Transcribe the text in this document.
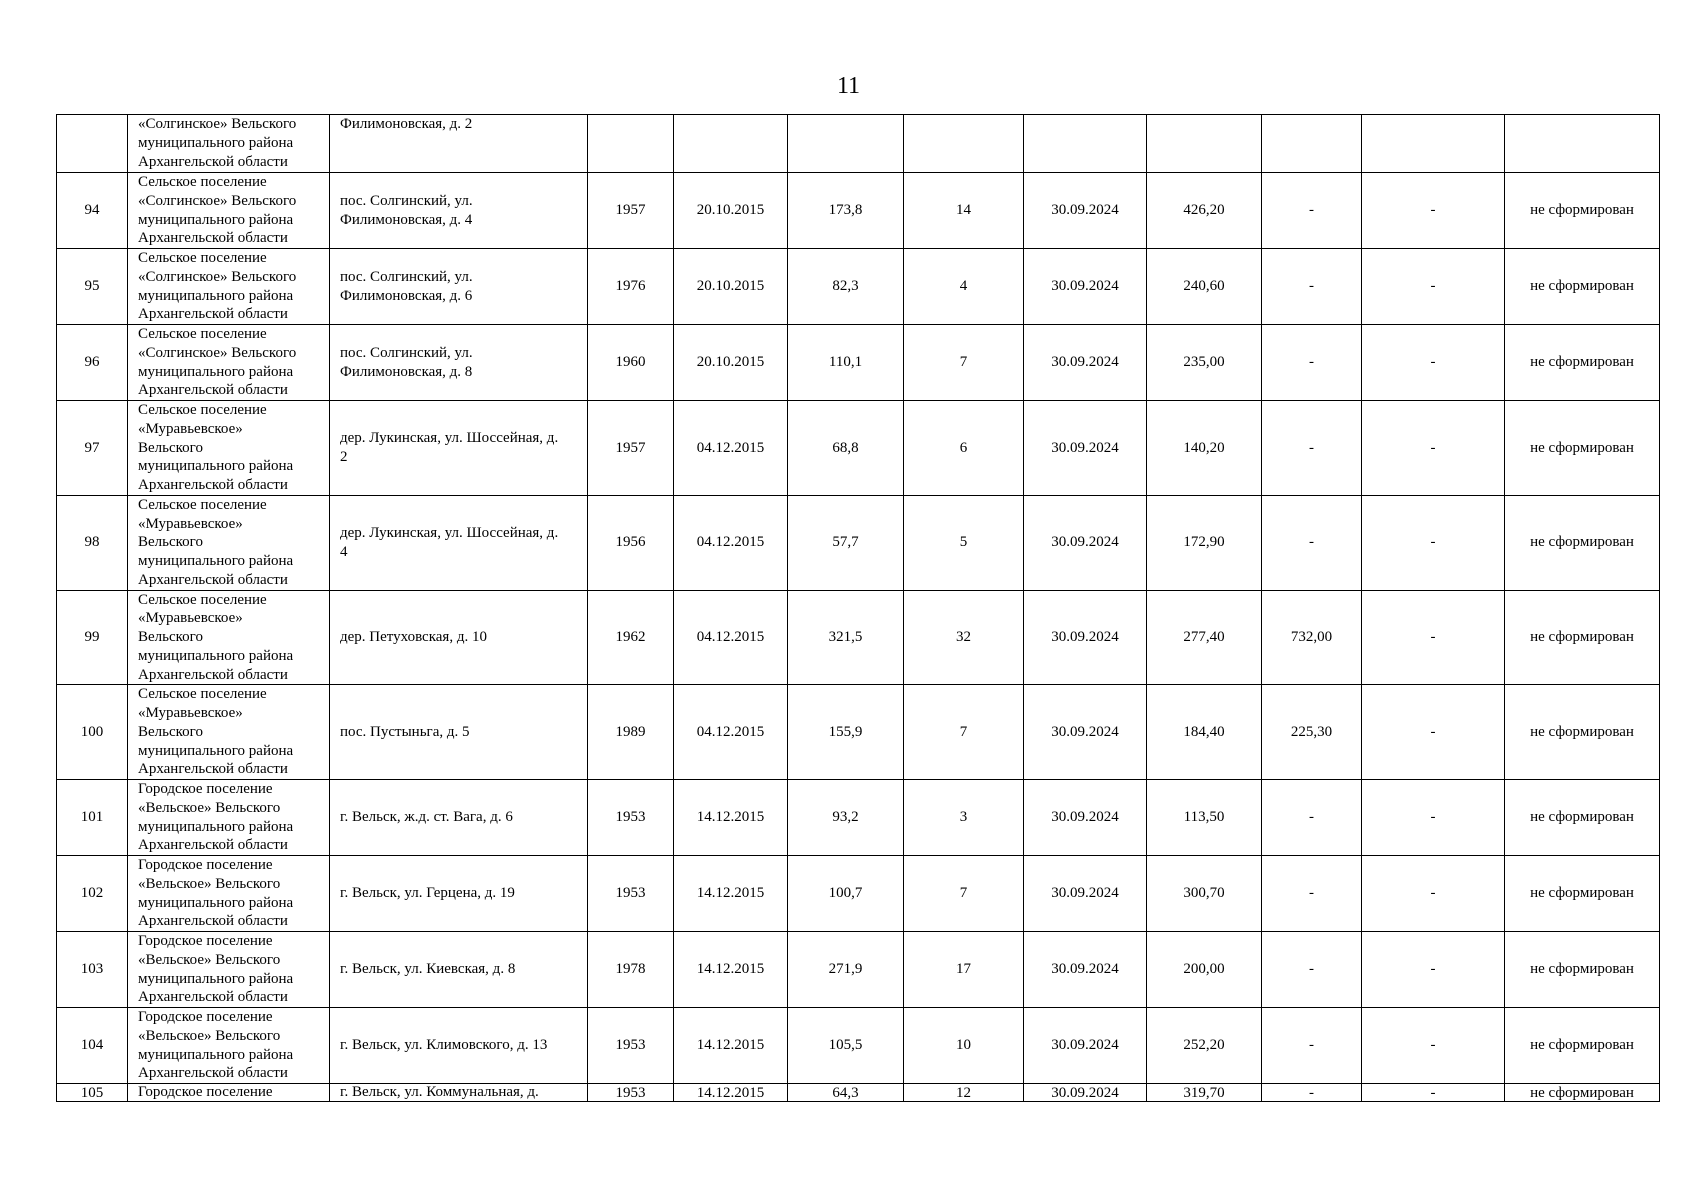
11
	«Солгинское» Вельского
муниципального района
Архангельской области	Филимоновская, д. 2									
94	Сельское поселение
«Солгинское» Вельского
муниципального района
Архангельской области	пос. Солгинский, ул.
Филимоновская, д. 4	1957	20.10.2015	173,8	14	30.09.2024	426,20	-	-	не сформирован
95	Сельское поселение
«Солгинское» Вельского
муниципального района
Архангельской области	пос. Солгинский, ул.
Филимоновская, д. 6	1976	20.10.2015	82,3	4	30.09.2024	240,60	-	-	не сформирован
96	Сельское поселение
«Солгинское» Вельского
муниципального района
Архангельской области	пос. Солгинский, ул.
Филимоновская, д. 8	1960	20.10.2015	110,1	7	30.09.2024	235,00	-	-	не сформирован
97	Сельское поселение
«Муравьевское»
Вельского
муниципального района
Архангельской области	дер. Лукинская, ул. Шоссейная, д.
2	1957	04.12.2015	68,8	6	30.09.2024	140,20	-	-	не сформирован
98	Сельское поселение
«Муравьевское»
Вельского
муниципального района
Архангельской области	дер. Лукинская, ул. Шоссейная, д.
4	1956	04.12.2015	57,7	5	30.09.2024	172,90	-	-	не сформирован
99	Сельское поселение
«Муравьевское»
Вельского
муниципального района
Архангельской области	дер. Петуховская, д. 10	1962	04.12.2015	321,5	32	30.09.2024	277,40	732,00	-	не сформирован
100	Сельское поселение
«Муравьевское»
Вельского
муниципального района
Архангельской области	пос. Пустыньга, д. 5	1989	04.12.2015	155,9	7	30.09.2024	184,40	225,30	-	не сформирован
101	Городское поселение
«Вельское» Вельского
муниципального района
Архангельской области	г. Вельск, ж.д. ст. Вага, д. 6	1953	14.12.2015	93,2	3	30.09.2024	113,50	-	-	не сформирован
102	Городское поселение
«Вельское» Вельского
муниципального района
Архангельской области	г. Вельск, ул. Герцена, д. 19	1953	14.12.2015	100,7	7	30.09.2024	300,70	-	-	не сформирован
103	Городское поселение
«Вельское» Вельского
муниципального района
Архангельской области	г. Вельск, ул. Киевская, д. 8	1978	14.12.2015	271,9	17	30.09.2024	200,00	-	-	не сформирован
104	Городское поселение
«Вельское» Вельского
муниципального района
Архангельской области	г. Вельск, ул. Климовского, д. 13	1953	14.12.2015	105,5	10	30.09.2024	252,20	-	-	не сформирован
105	Городское поселение	г. Вельск, ул. Коммунальная, д.	1953	14.12.2015	64,3	12	30.09.2024	319,70	-	-	не сформирован
